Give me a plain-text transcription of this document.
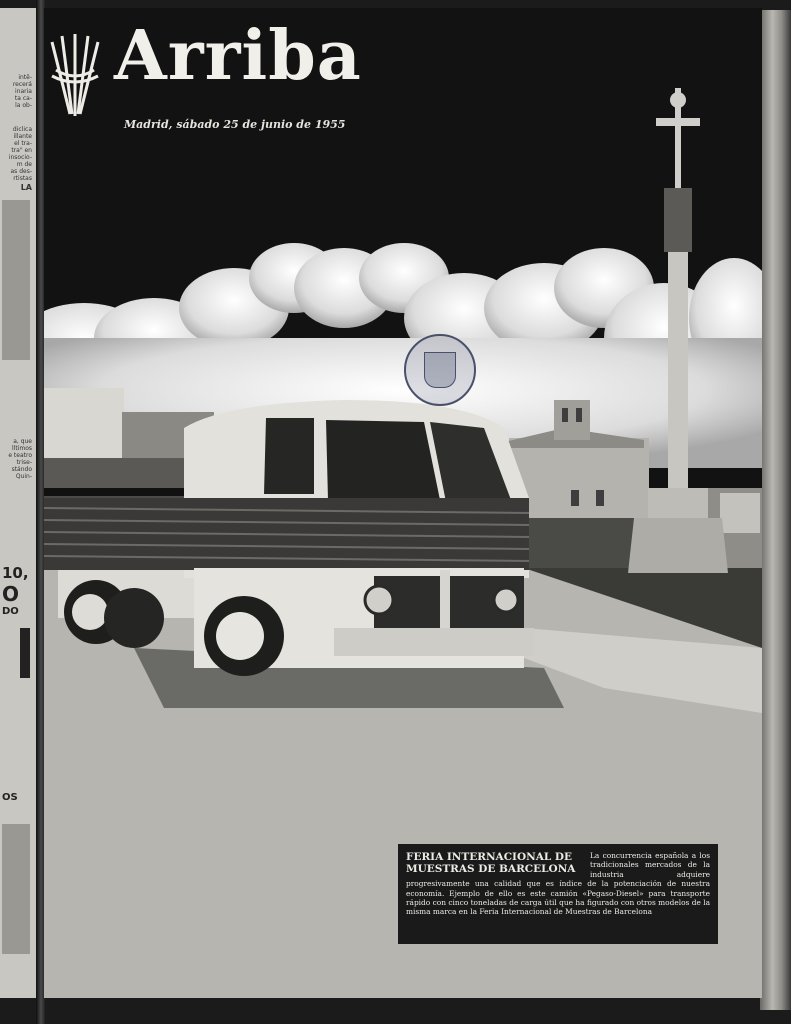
intē-
recerá
inaria
ta ca-
la ob-
diclica
illante
el tra-
tra" en
insocio-
m de
as des-
rtistas
LA
a, que
lltimos
e teatro
trise-
stándo
Quin-
10,
O
DO
OS
Arriba
Madrid, sábado 25 de junio de 1955
FERIA INTERNACIONAL DE MUESTRAS DE BARCELONA
La concurrencia española a los tradicionales mercados de la industria adquiere progresivamente una calidad que es índice de la potenciación de nuestra economía. Ejemplo de ello es este camión «Pegaso-Diesel» para transporte rápido con cinco toneladas de carga útil que ha figurado con otros modelos de la misma marca en la Feria Internacional de Muestras de Barcelona
